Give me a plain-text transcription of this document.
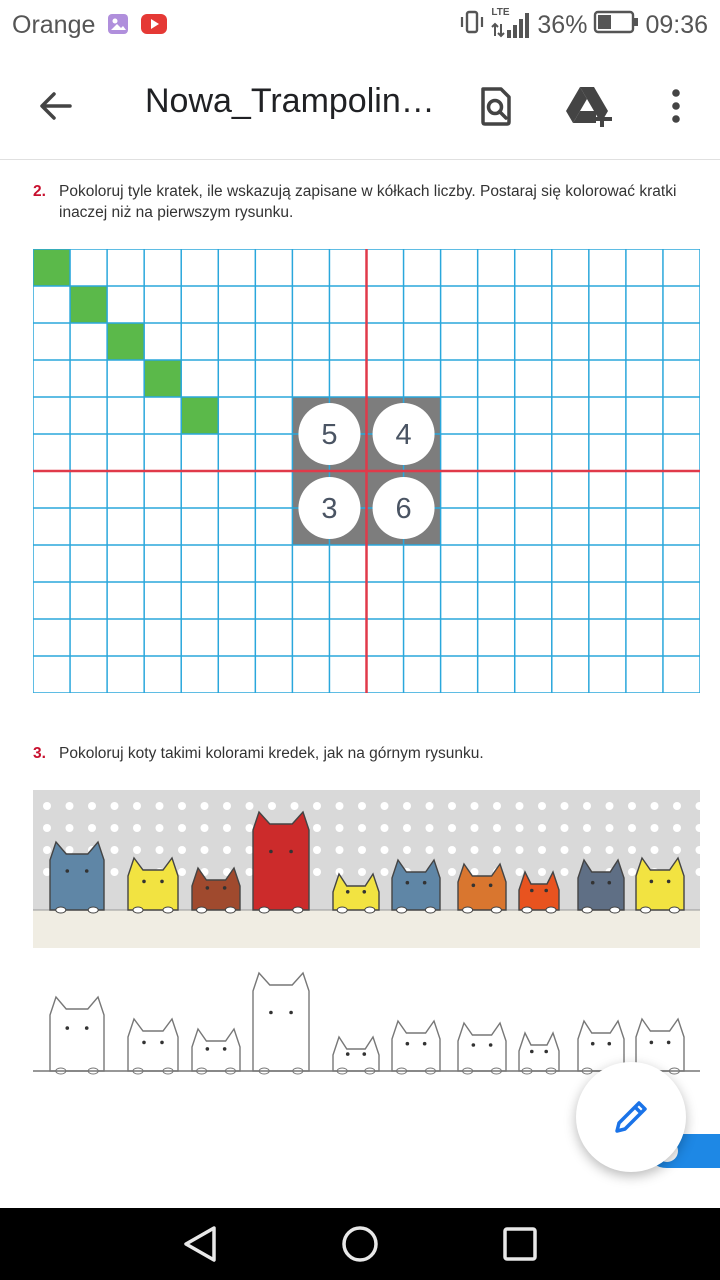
Orange	LTE 36% 09:36
Nowa_Trampolin…
2. Pokoloruj tyle kratek, ile wskazują zapisane w kółkach liczby. Postaraj się kolorować kratki inaczej niż na pierwszym rysunku.
5 4
3 6
3. Pokoloruj koty takimi kolorami kredek, jak na górnym rysunku.
